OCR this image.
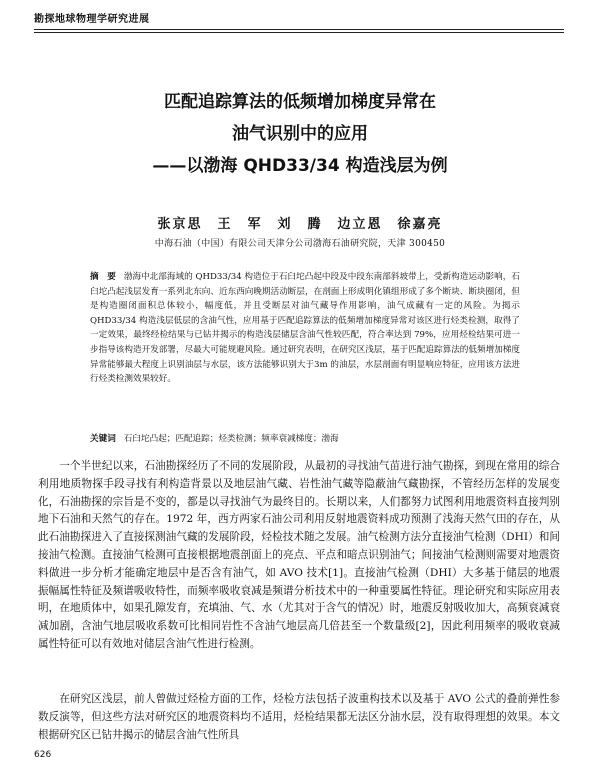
勘探地球物理学研究进展
匹配追踪算法的低频增加梯度异常在
油气识别中的应用
——以渤海 QHD33/34 构造浅层为例
张京思　王　军　刘　腾　边立恩　徐嘉亮
中海石油（中国）有限公司天津分公司渤海石油研究院，天津 300450
摘　要 渤海中北部海域的 QHD33/34 构造位于石臼坨凸起中段及中段东南部斜坡带上，受新构造运动影响，石臼坨凸起浅层发育一系列北东向、近东西向晚期活动断层，在剖面上形成明化镇组形成了多个断块、断块圈闭，但是构造圈闭面积总体较小，幅度低，并且受断层对油气藏导作用影响，油气成藏有一定的风险。为揭示 QHD33/34 构造浅层低层的含油气性，应用基于匹配追踪算法的低频增加梯度异常对该区进行烃类检测，取得了一定效果，最终经检结果与已钻井揭示的构造浅层储层含油气性较匹配，符合率达到 79%，应用烃检结果可进一步指导该构造开发部署，尽最大可能规避风险。通过研究表明，在研究区浅层，基于匹配追踪算法的低频增加梯度异常能够最大程度上识别油层与水层，该方法能够识别大于3m 的油层，水层剖面有明显响应特征，应用该方法进行烃类检测效果较好。
关键词 石臼坨凸起；匹配追踪；烃类检测；频率衰减梯度；渤海

一个半世纪以来，石油勘探经历了不同的发展阶段，从最初的寻找油气苗进行油气勘探，到现在常用的综合利用地质物探手段寻找有利构造背景以及地层油气藏、岩性油气藏等隐蔽油气藏勘探，不管经历怎样的发展变化，石油勘探的宗旨是不变的，都是以寻找油气为最终目的。长期以来，人们都努力试图利用地震资料直接判别地下石油和天然气的存在。1972 年，西方两家石油公司利用反射地震资料成功预测了浅海天然气田的存在，从此石油勘探进入了直接探测油气藏的发展阶段，烃检技术随之发展。油气检测方法分直接油气检测（DHI）和间接油气检测。直接油气检测可直接根据地震剖面上的亮点、平点和暗点识别油气；间接油气检测则需要对地震资料做进一步分析才能确定地层中是否含有油气，如 AVO 技术[1]。直接油气检测（DHI）大多基于储层的地震振幅属性特征及频谱吸收特性，而频率吸收衰减是频谱分析技术中的一种重要属性特征。理论研究和实际应用表明，在地质体中，如果孔隙发育，充填油、气、水（尤其对于含气的情况）时，地震反射吸收加大，高频衰减衰减加剧，含油气地层吸收系数可比相同岩性不含油气地层高几倍甚至一个数量级[2]，因此利用频率的吸收衰减属性特征可以有效地对储层含油气性进行检测。

在研究区浅层，前人曾做过烃检方面的工作，烃检方法包括子波重构技术以及基于 AVO 公式的叠前弹性参数反演等，但这些方法对研究区的地震资料均不适用，烃检结果都无法区分油水层，没有取得理想的效果。本文根据研究区已钻井揭示的储层含油气性所具

626
